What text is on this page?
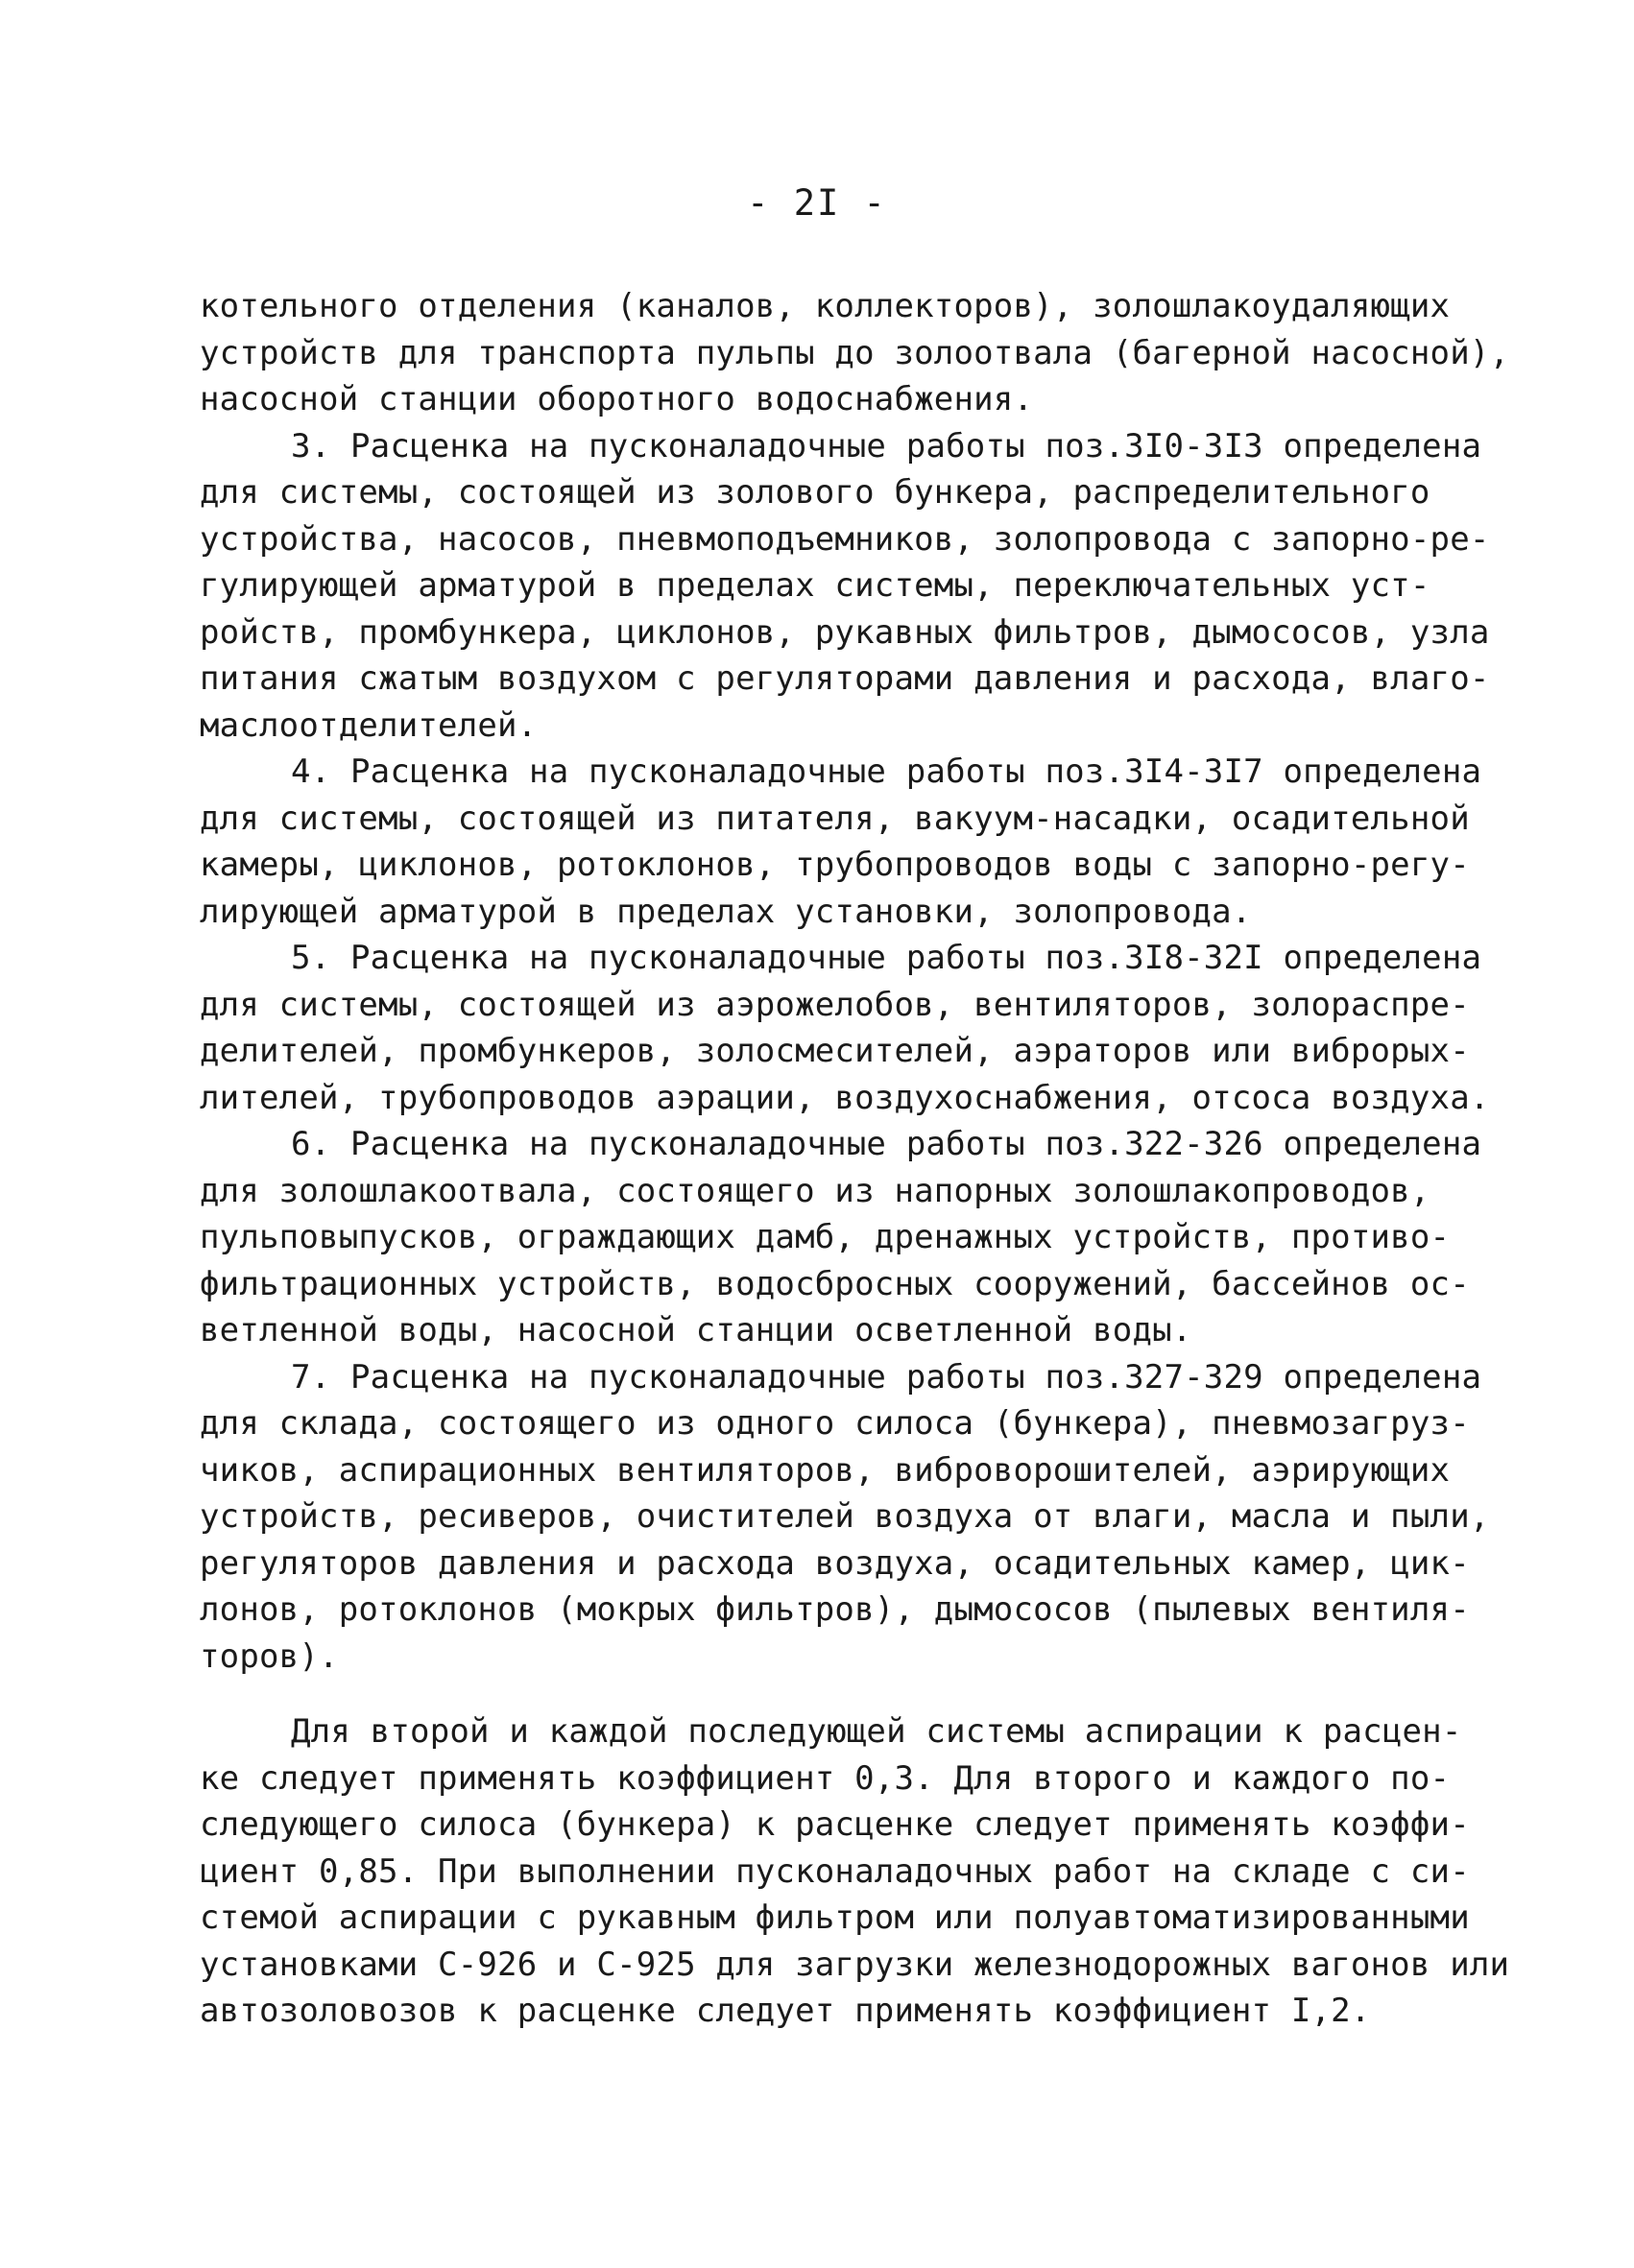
- 2I -
котельного отделения (каналов, коллекторов), золошлакоудаляющих
устройств для транспорта пульпы до золоотвала (багерной насосной),
насосной станции оборотного водоснабжения.
3. Расценка на пусконаладочные работы поз.3I0-3I3 определена
для системы, состоящей из золового бункера, распределительного
устройства, насосов, пневмоподъемников, золопровода с запорно-ре-
гулирующей арматурой в пределах системы, переключательных уст-
ройств, промбункера, циклонов, рукавных фильтров, дымососов, узла
питания сжатым воздухом с регуляторами давления и расхода, влаго-
маслоотделителей.
4. Расценка на пусконаладочные работы поз.3I4-3I7 определена
для системы, состоящей из питателя, вакуум-насадки, осадительной
камеры, циклонов, ротоклонов, трубопроводов воды с запорно-регу-
лирующей арматурой в пределах установки, золопровода.
5. Расценка на пусконаладочные работы поз.3I8-32I определена
для системы, состоящей из аэрожелобов, вентиляторов, золораспре-
делителей, промбункеров, золосмесителей, аэраторов или виброрых-
лителей, трубопроводов аэрации, воздухоснабжения, отсоса воздуха.
6. Расценка на пусконаладочные работы поз.322-326 определена
для золошлакоотвала, состоящего из напорных золошлакопроводов,
пульповыпусков, ограждающих дамб, дренажных устройств, противо-
фильтрационных устройств, водосбросных сооружений, бассейнов ос-
ветленной воды, насосной станции осветленной воды.
7. Расценка на пусконаладочные работы поз.327-329 определена
для склада, состоящего из одного силоса (бункера), пневмозагруз-
чиков, аспирационных вентиляторов, виброворошителей, аэрирующих
устройств, ресиверов, очистителей воздуха от влаги, масла и пыли,
регуляторов давления и расхода воздуха, осадительных камер, цик-
лонов, ротоклонов (мокрых фильтров), дымососов (пылевых вентиля-
торов).
Для второй и каждой последующей системы аспирации к расцен-
ке следует применять коэффициент 0,3. Для второго и каждого по-
следующего силоса (бункера) к расценке следует применять коэффи-
циент 0,85. При выполнении пусконаладочных работ на складе с си-
стемой аспирации с рукавным фильтром или полуавтоматизированными
установками С-926 и С-925 для загрузки железнодорожных вагонов или
автозоловозов к расценке следует применять коэффициент I,2.
